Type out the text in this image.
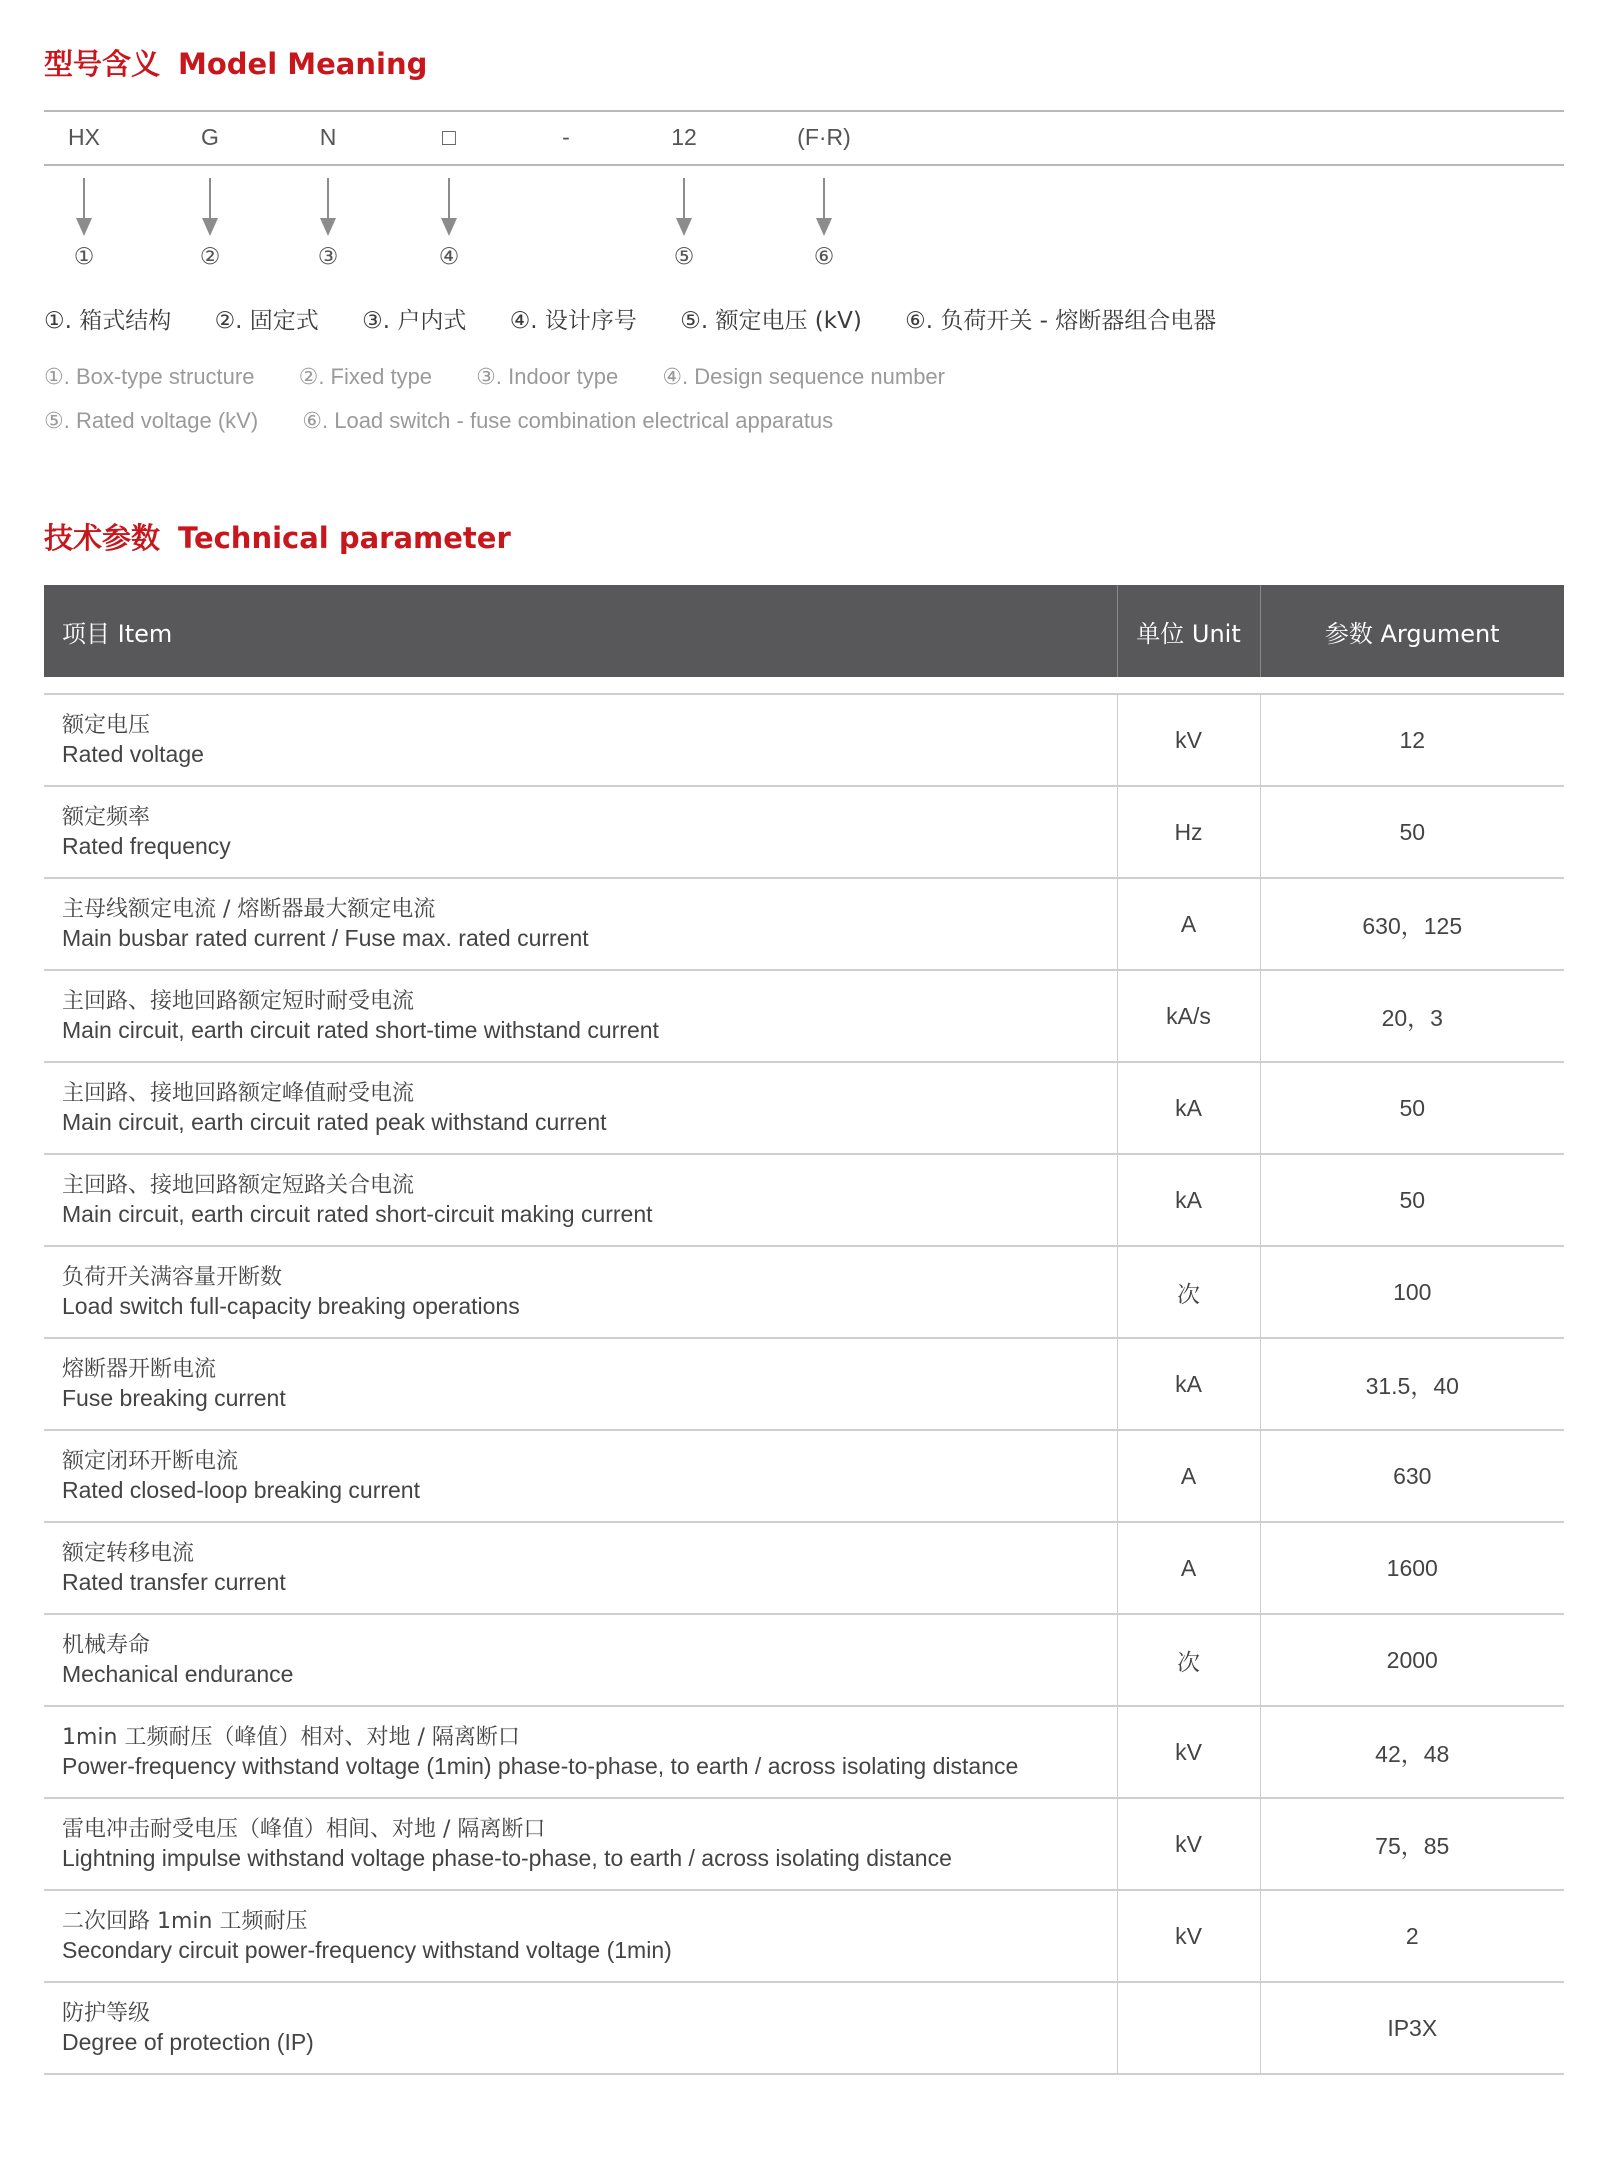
型号含义 Model Meaning
HX	G	N	□	-	12	(F·R)
①	②	③	④	⑤	⑥
①. 箱式结构 ②. 固定式 ③. 户内式 ④. 设计序号 ⑤. 额定电压 (kV) ⑥. 负荷开关 - 熔断器组合电器
①. Box-type structure ②. Fixed type ③. Indoor type ④. Design sequence number
⑤. Rated voltage (kV) ⑥. Load switch - fuse combination electrical apparatus
技术参数 Technical parameter
项目 Item	单位 Unit	参数 Argument

额定电压
Rated voltage	kV	12

额定频率
Rated frequency	Hz	50

主母线额定电流 / 熔断器最大额定电流
Main busbar rated current / Fuse max. rated current	A	630，125

主回路、接地回路额定短时耐受电流
Main circuit, earth circuit rated short-time withstand current	kA/s	20，3

主回路、接地回路额定峰值耐受电流
Main circuit, earth circuit rated peak withstand current	kA	50

主回路、接地回路额定短路关合电流
Main circuit, earth circuit rated short-circuit making current	kA	50

负荷开关满容量开断数
Load switch full-capacity breaking operations	次	100

熔断器开断电流
Fuse breaking current	kA	31.5，40

额定闭环开断电流
Rated closed-loop breaking current	A	630

额定转移电流
Rated transfer current	A	1600

机械寿命
Mechanical endurance	次	2000

1min 工频耐压（峰值）相对、对地 / 隔离断口
Power-frequency withstand voltage (1min) phase-to-phase, to earth / across isolating distance	kV	42，48

雷电冲击耐受电压（峰值）相间、对地 / 隔离断口
Lightning impulse withstand voltage phase-to-phase, to earth / across isolating distance	kV	75，85

二次回路 1min 工频耐压
Secondary circuit power-frequency withstand voltage (1min)	kV	2

防护等级
Degree of protection (IP)		IP3X
